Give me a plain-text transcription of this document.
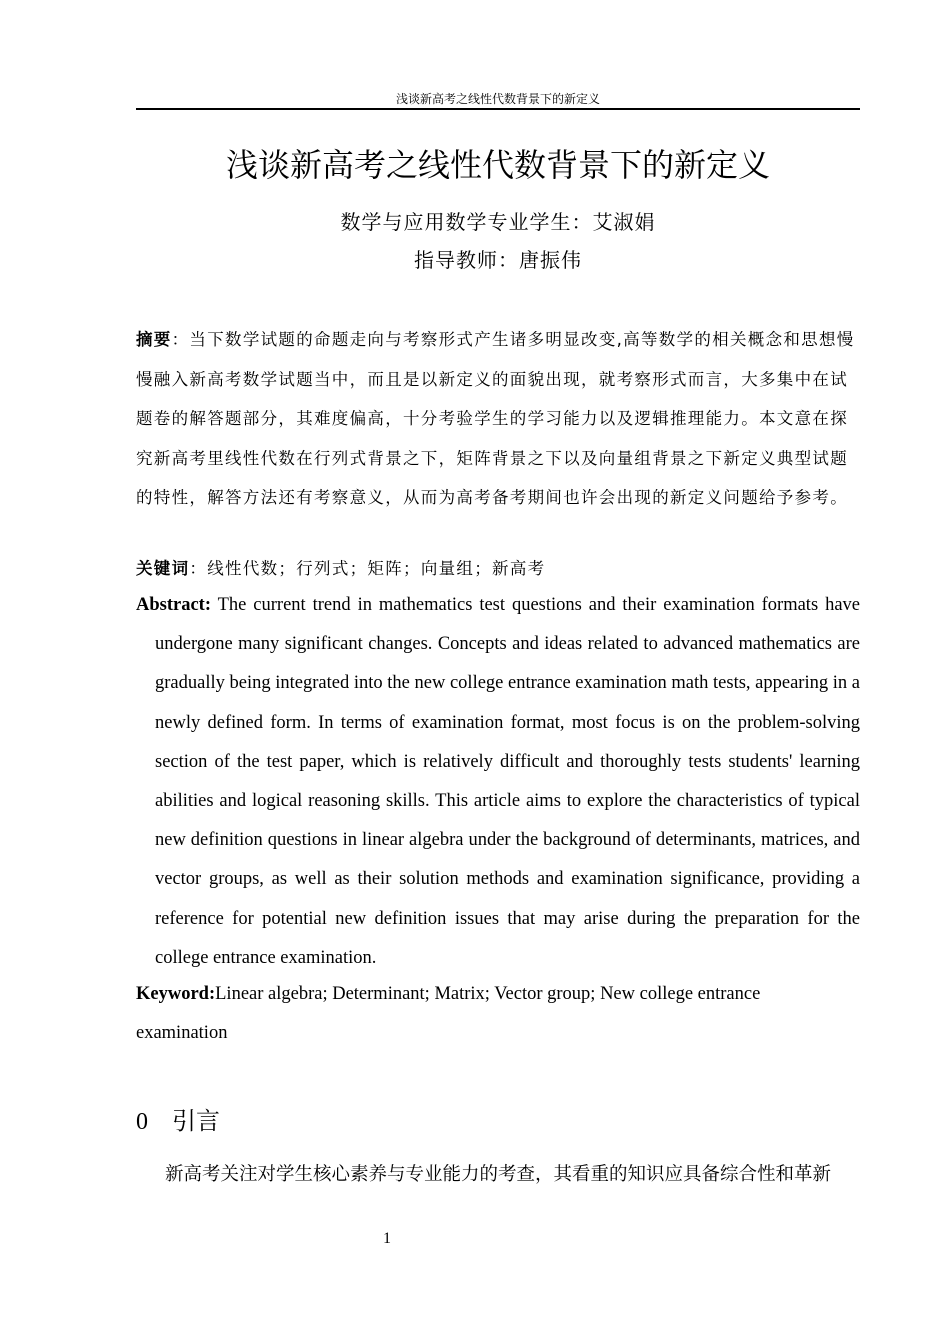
浅谈新高考之线性代数背景下的新定义
浅谈新高考之线性代数背景下的新定义
数学与应用数学专业学生：艾淑娟
指导教师：唐振伟

摘要：当下数学试题的命题走向与考察形式产生诸多明显改变,高等数学的相关概念和思想慢慢融入新高考数学试题当中，而且是以新定义的面貌出现，就考察形式而言，大多集中在试题卷的解答题部分，其难度偏高，十分考验学生的学习能力以及逻辑推理能力。本文意在探究新高考里线性代数在行列式背景之下，矩阵背景之下以及向量组背景之下新定义典型试题的特性，解答方法还有考察意义，从而为高考备考期间也许会出现的新定义问题给予参考。

关键词：线性代数；行列式；矩阵；向量组；新高考

Abstract: The current trend in mathematics test questions and their examination formats have undergone many significant changes. Concepts and ideas related to advanced mathematics are gradually being integrated into the new college entrance examination math tests, appearing in a newly defined form. In terms of examination format, most focus is on the problem-solving section of the test paper, which is relatively difficult and thoroughly tests students' learning abilities and logical reasoning skills. This article aims to explore the characteristics of typical new definition questions in linear algebra under the background of determinants, matrices, and vector groups, as well as their solution methods and examination significance, providing a reference for potential new definition issues that may arise during the preparation for the college entrance examination.

Keyword:Linear algebra; Determinant; Matrix; Vector group; New college entrance examination

0 引言

新高考关注对学生核心素养与专业能力的考查，其看重的知识应具备综合性和革新

1
